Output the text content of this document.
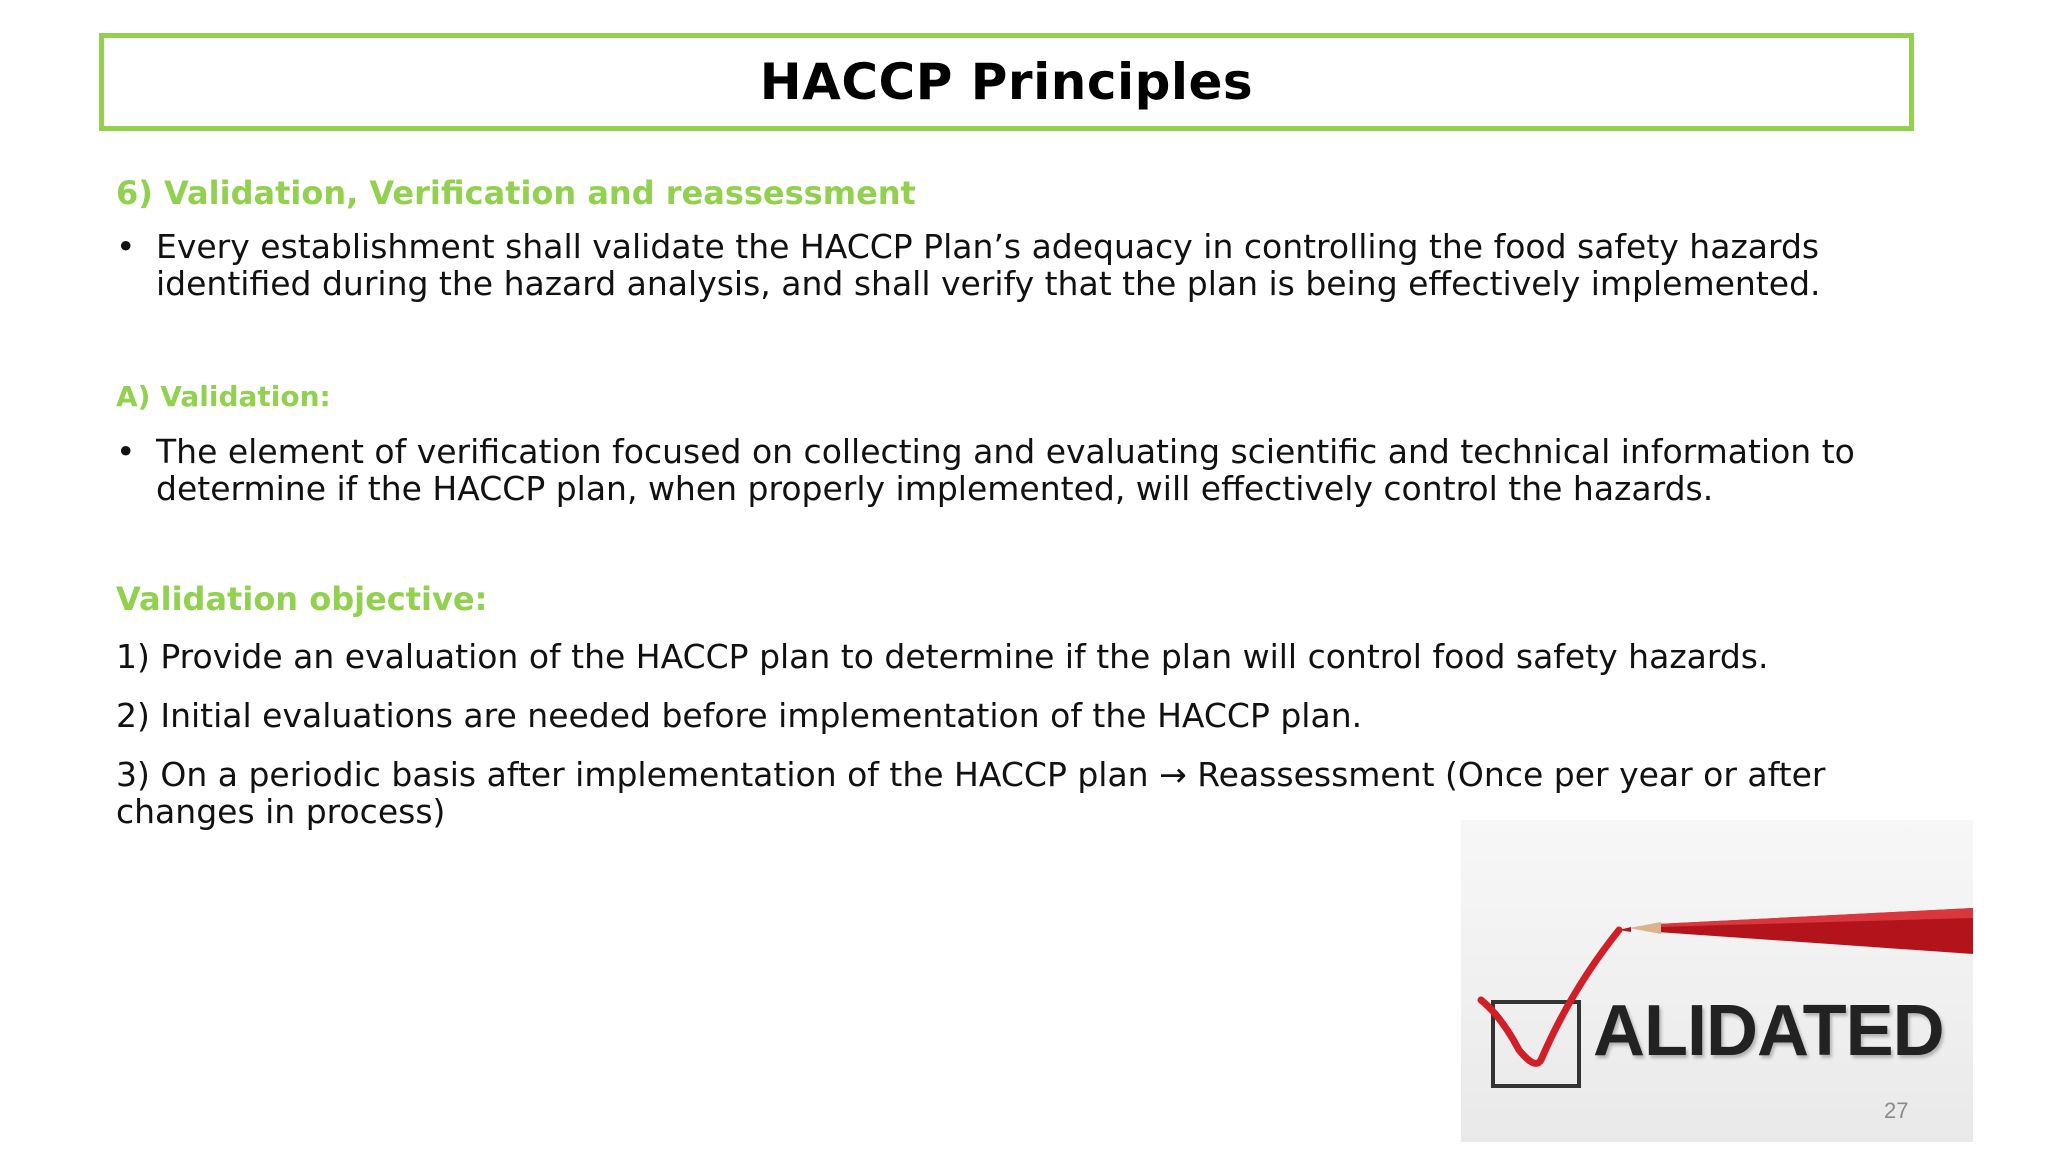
HACCP Principles

6) Validation, Verification and reassessment

• Every establishment shall validate the HACCP Plan’s adequacy in controlling the food safety hazards identified during the hazard analysis, and shall verify that the plan is being effectively implemented.

A) Validation:

• The element of verification focused on collecting and evaluating scientific and technical information to determine if the HACCP plan, when properly implemented, will effectively control the hazards.

Validation objective:

1) Provide an evaluation of the HACCP plan to determine if the plan will control food safety hazards.

2) Initial evaluations are needed before implementation of the HACCP plan.

3) On a periodic basis after implementation of the HACCP plan → Reassessment (Once per year or after changes in process)

ALIDATED
27
